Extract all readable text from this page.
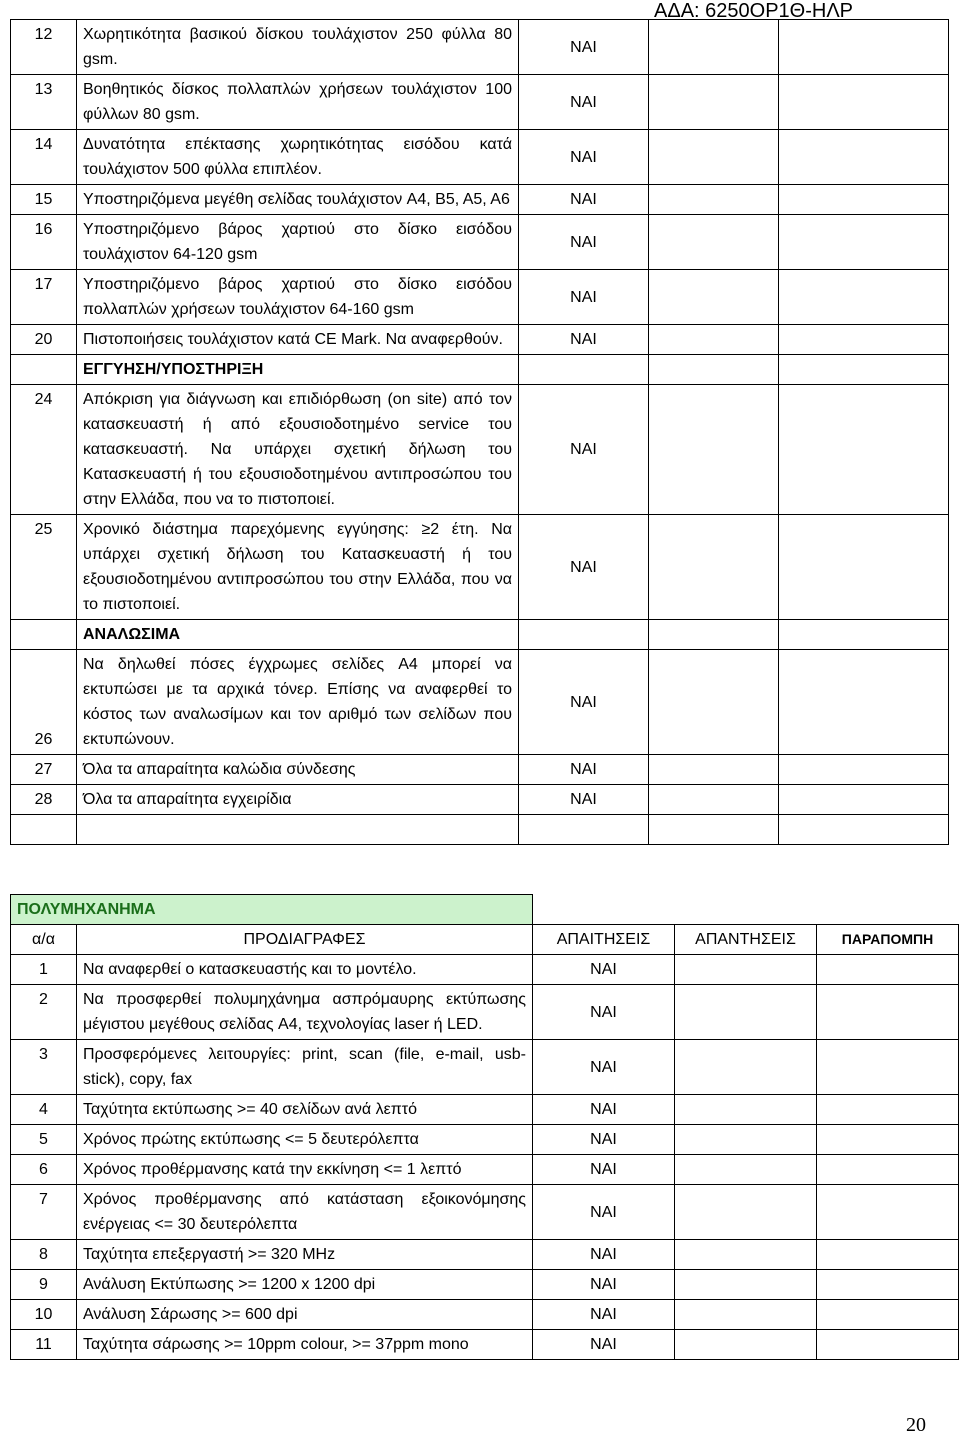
ΑΔΑ: 6250ΟΡ1Θ-ΗΛΡ
12	Χωρητικότητα βασικού δίσκου τουλάχιστον 250 φύλλα 80 gsm.	ΝΑΙ		
13	Βοηθητικός δίσκος πολλαπλών χρήσεων τουλάχιστον 100 φύλλων 80 gsm.	ΝΑΙ		
14	Δυνατότητα επέκτασης χωρητικότητας εισόδου κατά τουλάχιστον 500 φύλλα επιπλέον.	ΝΑΙ		
15	Υποστηριζόμενα μεγέθη σελίδας τουλάχιστον A4, B5, A5, A6	ΝΑΙ		
16	Υποστηριζόμενο βάρος χαρτιού στο δίσκο εισόδου τουλάχιστον 64-120 gsm	ΝΑΙ		
17	Υποστηριζόμενο βάρος χαρτιού στο δίσκο εισόδου πολλαπλών χρήσεων τουλάχιστον 64-160 gsm	ΝΑΙ		
20	Πιστοποιήσεις τουλάχιστον κατά CE Mark. Να αναφερθούν.	ΝΑΙ		
	ΕΓΓΥΗΣΗ/ΥΠΟΣΤΗΡΙΞΗ			
24	Απόκριση για διάγνωση και επιδιόρθωση (on site) από τον κατασκευαστή ή από εξουσιοδοτημένο service του κατασκευαστή. Να υπάρχει σχετική δήλωση του Κατασκευαστή ή του εξουσιοδοτημένου αντιπροσώπου του στην Ελλάδα, που να το πιστοποιεί.	ΝΑΙ		
25	Χρονικό διάστημα παρεχόμενης εγγύησης: ≥2 έτη. Να υπάρχει σχετική δήλωση του Κατασκευαστή ή του εξουσιοδοτημένου αντιπροσώπου του στην Ελλάδα, που να το πιστοποιεί.	ΝΑΙ		
	ΑΝΑΛΩΣΙΜΑ			
26	Να δηλωθεί πόσες έγχρωμες σελίδες A4 μπορεί να εκτυπώσει με τα αρχικά τόνερ. Επίσης να αναφερθεί το κόστος των αναλωσίμων και τον αριθμό των σελίδων που εκτυπώνουν.	ΝΑΙ		
27	Όλα τα απαραίτητα καλώδια σύνδεσης	ΝΑΙ		
28	Όλα τα απαραίτητα εγχειρίδια	ΝΑΙ		

ΠΟΛΥΜΗΧΑΝΗΜΑ				
α/α	ΠΡΟΔΙΑΓΡΑΦΕΣ	ΑΠΑΙΤΗΣΕΙΣ	ΑΠΑΝΤΗΣΕΙΣ	ΠΑΡΑΠΟΜΠΗ
1	Να αναφερθεί ο κατασκευαστής και το μοντέλο.	ΝΑΙ		
2	Να προσφερθεί πολυμηχάνημα ασπρόμαυρης εκτύπωσης μέγιστου μεγέθους σελίδας A4, τεχνολογίας laser ή LED.	ΝΑΙ		
3	Προσφερόμενες λειτουργίες: print, scan (file, e-mail, usb-stick), copy, fax	ΝΑΙ		
4	Ταχύτητα εκτύπωσης >= 40 σελίδων ανά λεπτό	ΝΑΙ		
5	Χρόνος πρώτης εκτύπωσης <= 5 δευτερόλεπτα	ΝΑΙ		
6	Χρόνος προθέρμανσης κατά την εκκίνηση <= 1 λεπτό	ΝΑΙ		
7	Χρόνος προθέρμανσης από κατάσταση εξοικονόμησης ενέργειας <= 30 δευτερόλεπτα	ΝΑΙ		
8	Ταχύτητα επεξεργαστή >= 320 MHz	ΝΑΙ		
9	Ανάλυση Εκτύπωσης >= 1200 x 1200 dpi	ΝΑΙ		
10	Ανάλυση Σάρωσης >= 600 dpi	ΝΑΙ		
11	Ταχύτητα σάρωσης >= 10ppm colour, >= 37ppm mono	ΝΑΙ		
20
